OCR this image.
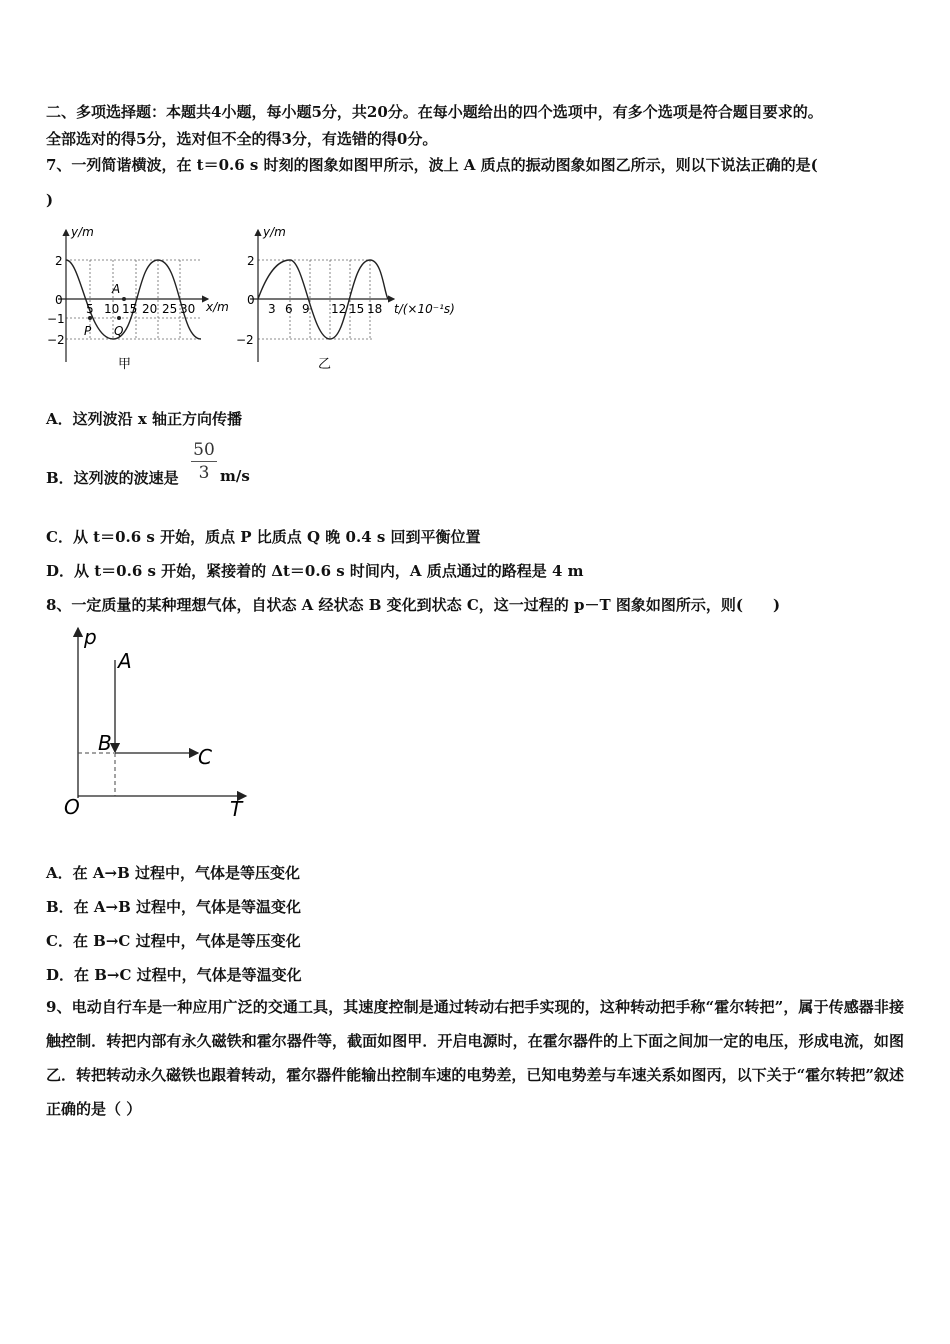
二、多项选择题：本题共4小题，每小题5分，共20分。在每小题给出的四个选项中，有多个选项是符合题目要求的。
全部选对的得5分，选对但不全的得3分，有选错的得0分。
7、一列简谐横波，在 t＝0.6 s 时刻的图象如图甲所示，波上 A 质点的振动图象如图乙所示，则以下说法正确的是(
)
y/m
x/m
0
2
−1
−2
5 10 15 20 25 30
A
P Q
甲
y/m
t/(×10⁻¹s)
0
2
−2
3 6 9 12 15 18
乙
A．这列波沿 x 轴正方向传播
B．这列波的波速是
50
3 m/s
C．从 t＝0.6 s 开始，质点 P 比质点 Q 晚 0.4 s 回到平衡位置
D．从 t＝0.6 s 开始，紧接着的 Δt＝0.6 s 时间内，A 质点通过的路程是 4 m
8、一定质量的某种理想气体，自状态 A 经状态 B 变化到状态 C，这一过程的 p－T 图象如图所示，则(　　)
p
T
O
A
B
C
A．在 A→B 过程中，气体是等压变化
B．在 A→B 过程中，气体是等温变化
C．在 B→C 过程中，气体是等压变化
D．在 B→C 过程中，气体是等温变化
9、电动自行车是一种应用广泛的交通工具，其速度控制是通过转动右把手实现的，这种转动把手称“霍尔转把”，属于传感器非接触控制．转把内部有永久磁铁和霍尔器件等，截面如图甲．开启电源时，在霍尔器件的上下面之间加一定的电压，形成电流，如图乙．转把转动永久磁铁也跟着转动，霍尔器件能输出控制车速的电势差，已知电势差与车速关系如图丙，以下关于“霍尔转把”叙述正确的是（ ）
